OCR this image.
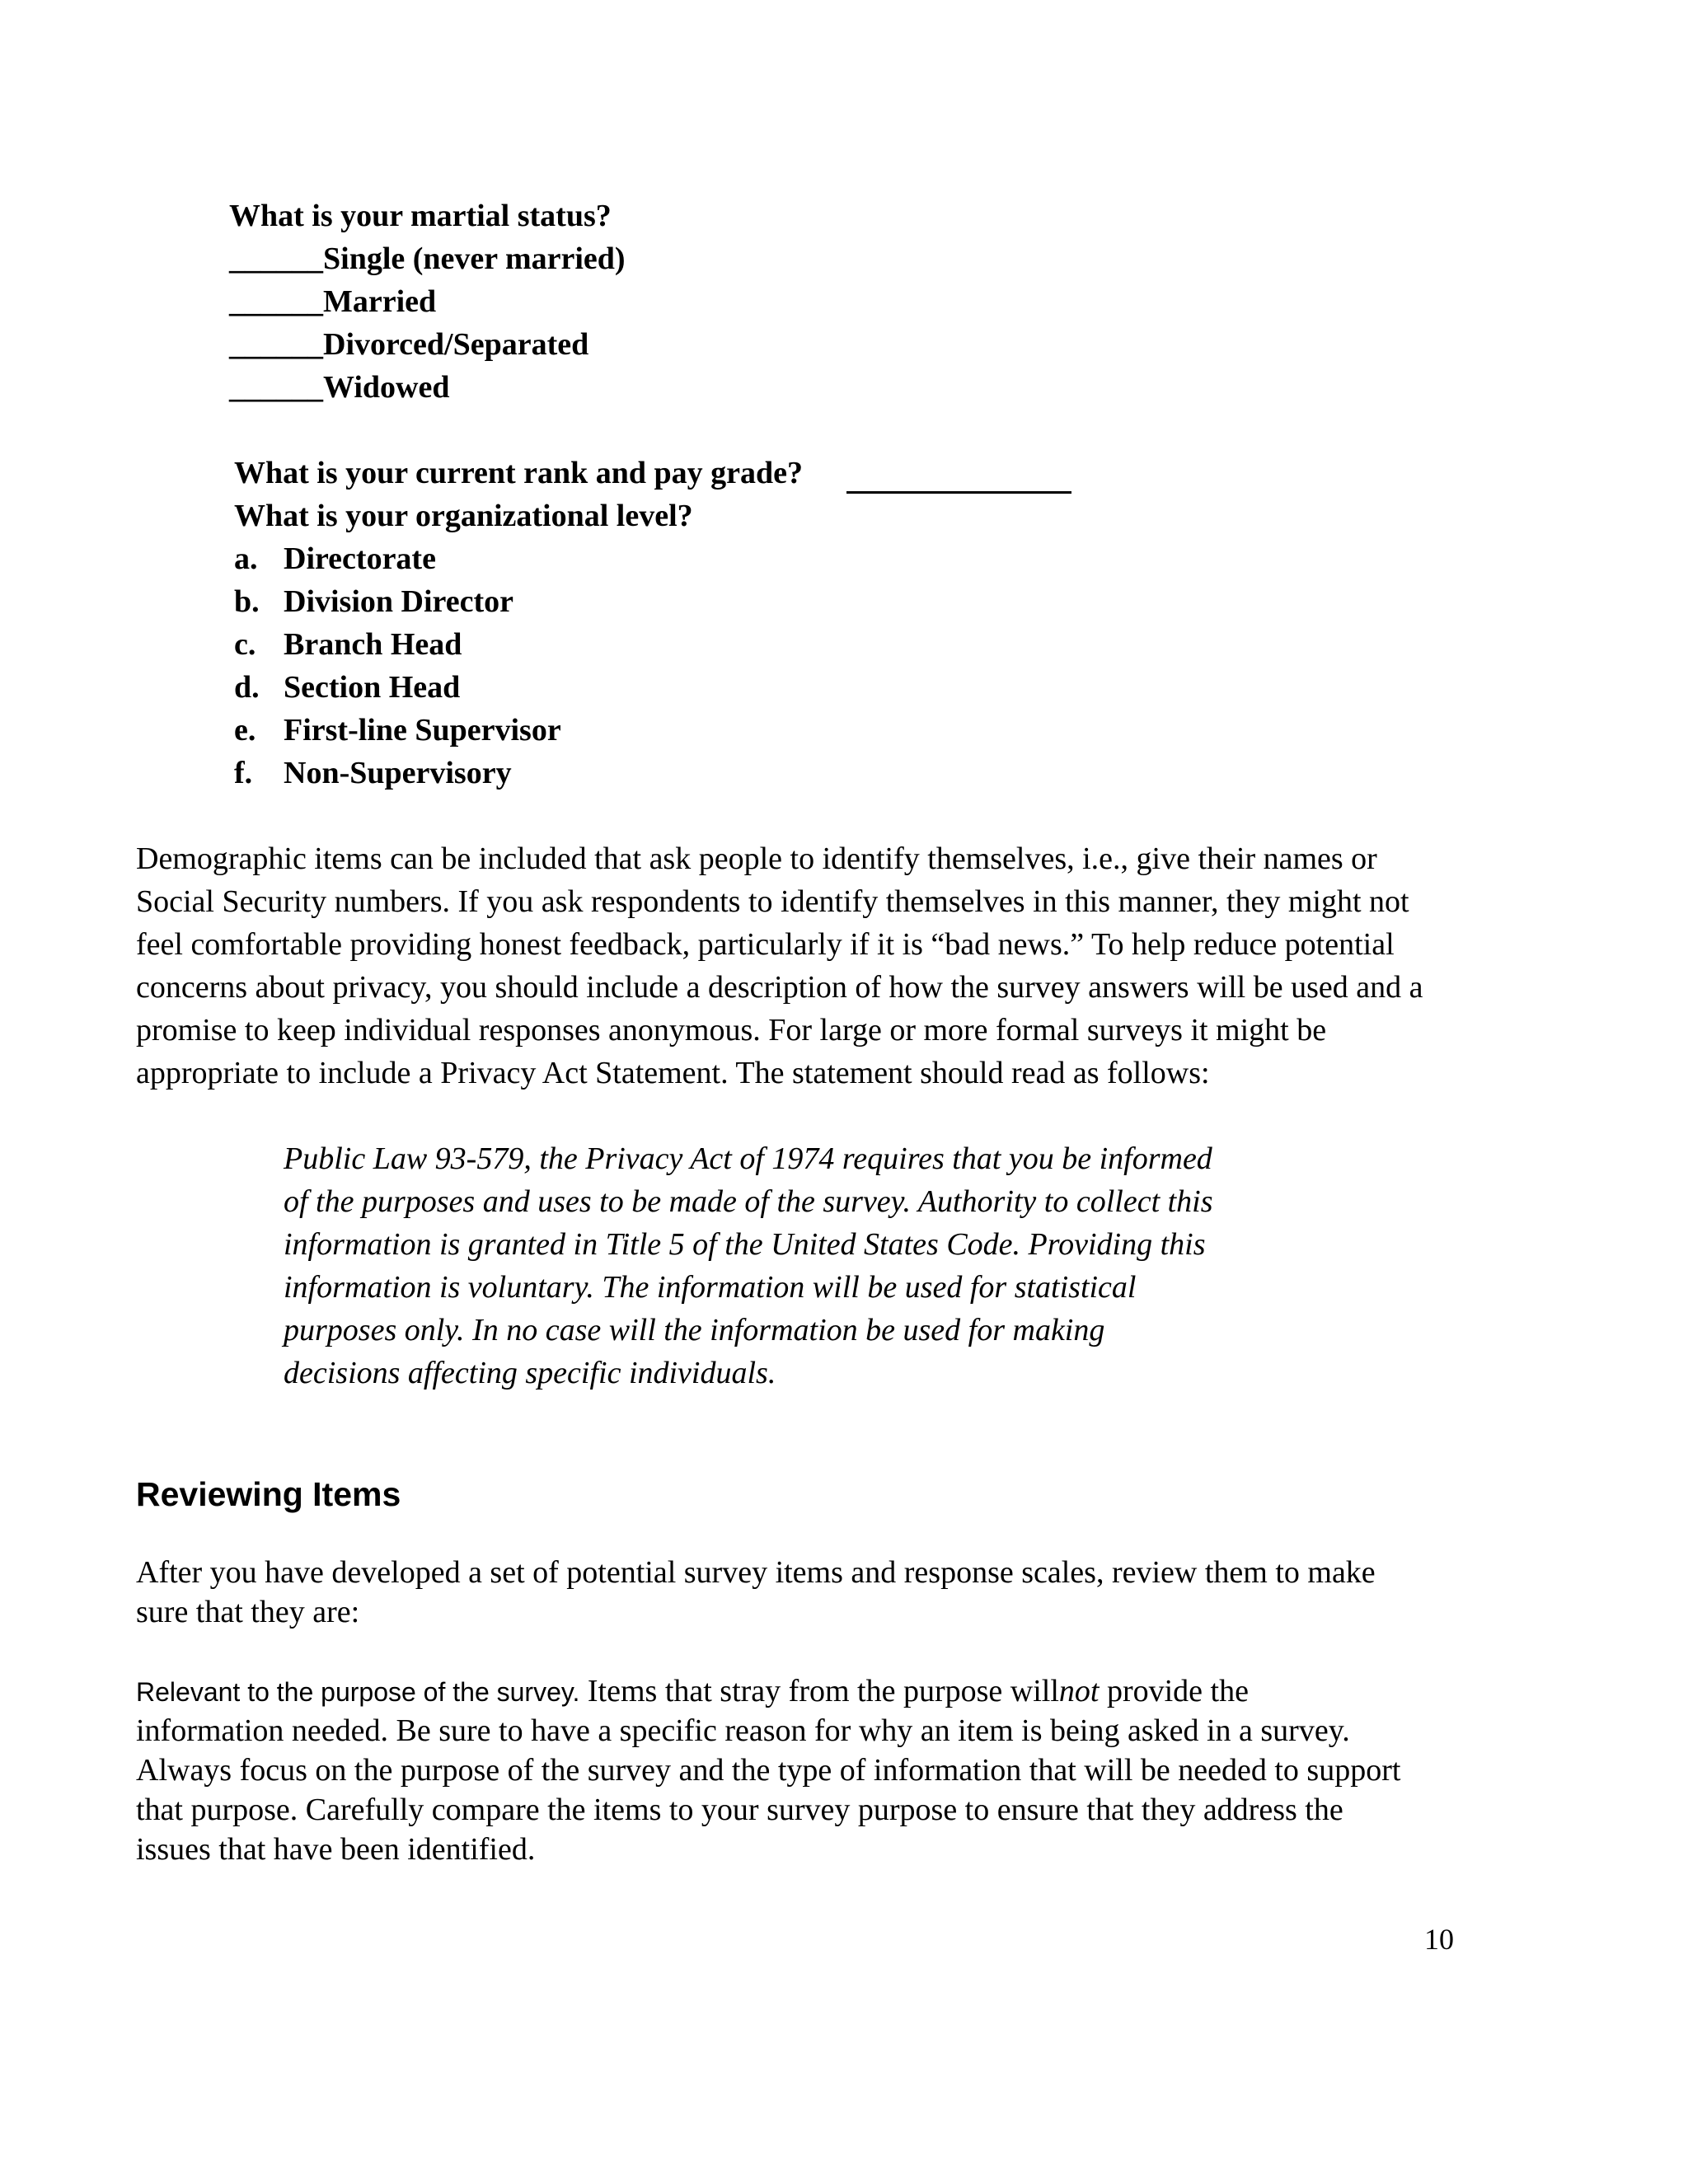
What is your martial status?
______Single (never married)
______Married
______Divorced/Separated
______Widowed
What is your current rank and pay grade?
What is your organizational level?
a. Directorate
b. Division Director
c. Branch Head
d. Section Head
e. First-line Supervisor
f. Non-Supervisory
Demographic items can be included that ask people to identify themselves, i.e., give their names or
Social Security numbers. If you ask respondents to identify themselves in this manner, they might not
feel comfortable providing honest feedback, particularly if it is “bad news.” To help reduce potential
concerns about privacy, you should include a description of how the survey answers will be used and a
promise to keep individual responses anonymous. For large or more formal surveys it might be
appropriate to include a Privacy Act Statement. The statement should read as follows:
Public Law 93-579, the Privacy Act of 1974 requires that you be informed
of the purposes and uses to be made of the survey. Authority to collect this
information is granted in Title 5 of the United States Code. Providing this
information is voluntary. The information will be used for statistical
purposes only. In no case will the information be used for making
decisions affecting specific individuals.
Reviewing Items
After you have developed a set of potential survey items and response scales, review them to make
sure that they are:
Relevant to the purpose of the survey. Items that stray from the purpose willnot provide the
information needed. Be sure to have a specific reason for why an item is being asked in a survey.
Always focus on the purpose of the survey and the type of information that will be needed to support
that purpose. Carefully compare the items to your survey purpose to ensure that they address the
issues that have been identified.
10
